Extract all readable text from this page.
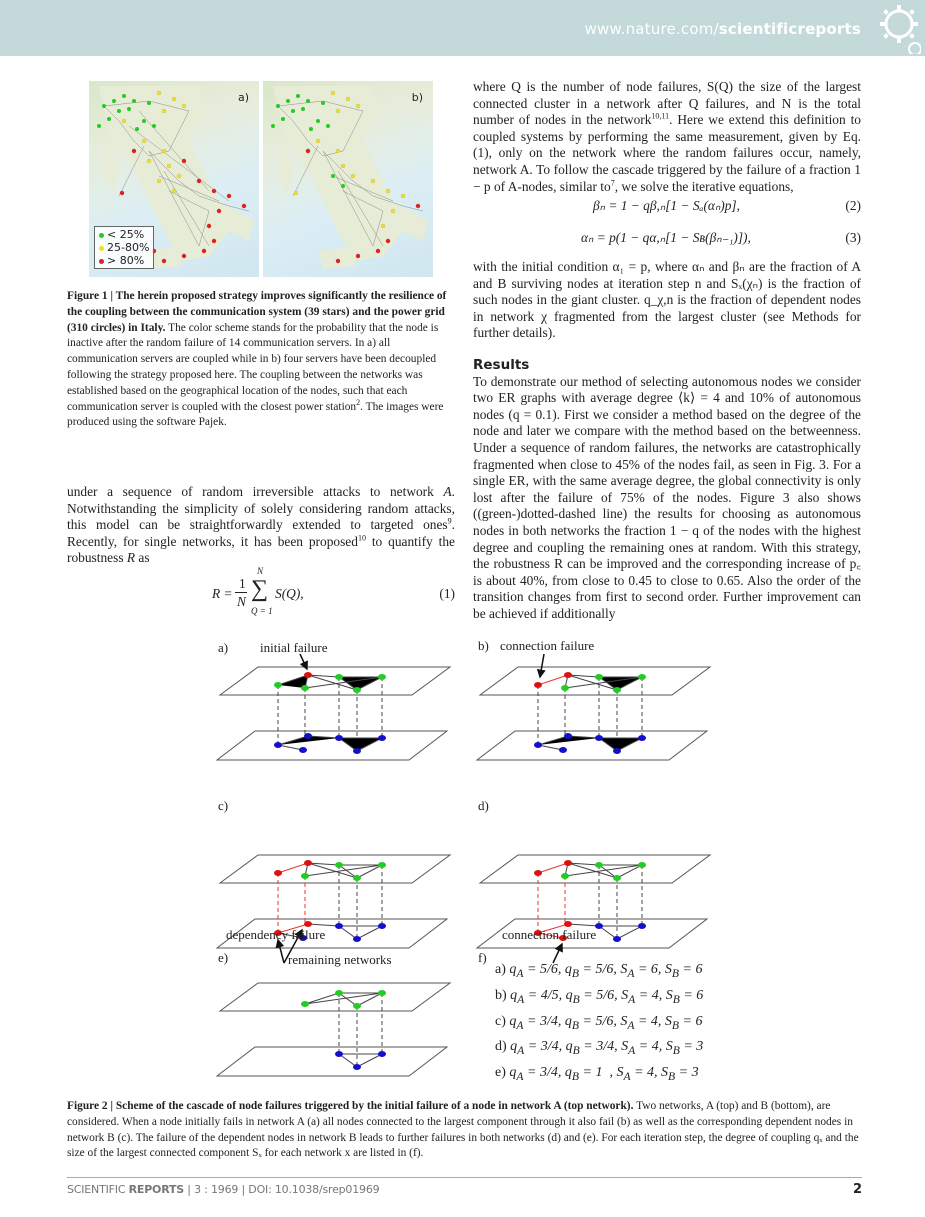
www.nature.com/scientificreports
a)
< 25%
25-80%
> 80%
b)
Figure 1 | The herein proposed strategy improves significantly the resilience of the coupling between the communication system (39 stars) and the power grid (310 circles) in Italy. The color scheme stands for the probability that the node is inactive after the random failure of 14 communication servers. In a) all communication servers are coupled while in b) four servers have been decoupled following the strategy proposed here. The coupling between the networks was established based on the geographical location of the nodes, such that each communication server is coupled with the closest power station$^2$. The images were produced using the software Pajek.
under a sequence of random irreversible attacks to network A. Notwithstanding the simplicity of solely considering random attacks, this model can be straightforwardly extended to targeted ones$^9$. Recently, for single networks, it has been proposed$^{10}$ to quantify the robustness R as
R =
1
N
N
∑
Q = 1
S(Q),	(1)
where Q is the number of node failures, S(Q) the size of the largest connected cluster in a network after Q failures, and N is the total number of nodes in the network$^{10,11}$. Here we extend this definition to coupled systems by performing the same measurement, given by Eq. (1), only on the network where the random failures occur, namely, network A. To follow the cascade triggered by the failure of a fraction 1 − p of A-nodes, similar $to^7$, we solve the iterative equations,
βₙ = 1 − qβ,ₙ[1 − Sₐ(αₙ)p],	(2)
αₙ = p(1 − qα,ₙ[1 − Sʙ(βₙ₋₁)]),	(3)
with the initial condition α₁ = p, where αₙ and βₙ are the fraction of A and B surviving nodes at iteration step n and Sₓ(χₙ) is the fraction of such nodes in the giant cluster. q_χ,n is the fraction of dependent nodes in network χ fragmented from the largest cluster (see Methods for further details).
Results
To demonstrate our method of selecting autonomous nodes we consider two ER graphs with average degree ⟨k⟩ = 4 and 10% of autonomous nodes (q = 0.1). First we consider a method based on the degree of the node and later we compare with the method based on the betweenness. Under a sequence of random failures, the networks are catastrophically fragmented when close to 45% of the nodes fail, as seen in Fig. 3. For a single ER, with the same average degree, the global connectivity is only lost after the failure of 75% of the nodes. Figure 3 also shows ((green-)dotted-dashed line) the results for choosing as autonomous nodes in both networks the fraction 1 − q of the nodes with the highest degree and coupling the remaining ones at random. With this strategy, the robustness R can be improved and the corresponding increase of p꜀ is about 40%, from close to 0.45 to close to 0.65. Also the order of the transition changes from first to second order. Further improvement can be achieved if additionally
a) initial failure	b) connection failure
c)	d)
dependency failure	connection failure
e)	remaining networks	f)
a) $q_A = 5/6$, $q_B = 5/6$, $S_A = 6$, $S_B = 6$
b) $q_A = 4/5$, $q_B = 5/6$, $S_A = 4$, $S_B = 6$
c) $q_A = 3/4$, $q_B = 5/6$, $S_A = 4$, $S_B = 6$
d) $q_A = 3/4$, $q_B = 3/4$, $S_A = 4$, $S_B = 3$
e) $q_A = 3/4$, $q_B = 1$  , $S_A = 4$, $S_B = 3$
Figure 2 | Scheme of the cascade of node failures triggered by the initial failure of a node in network A (top network). Two networks, A (top) and B (bottom), are considered. When a node initially fails in network A (a) all nodes connected to the largest component through it also fail (b) as well as the corresponding dependent nodes in network B (c). The failure of the dependent nodes in network B leads to further failures in both networks (d) and (e). For each iteration step, the degree of coupling qₓ and the size of the largest connected component Sₓ for each network x are listed in (f).
SCIENTIFIC REPORTS | 3 : 1969 | DOI: 10.1038/srep01969	2
